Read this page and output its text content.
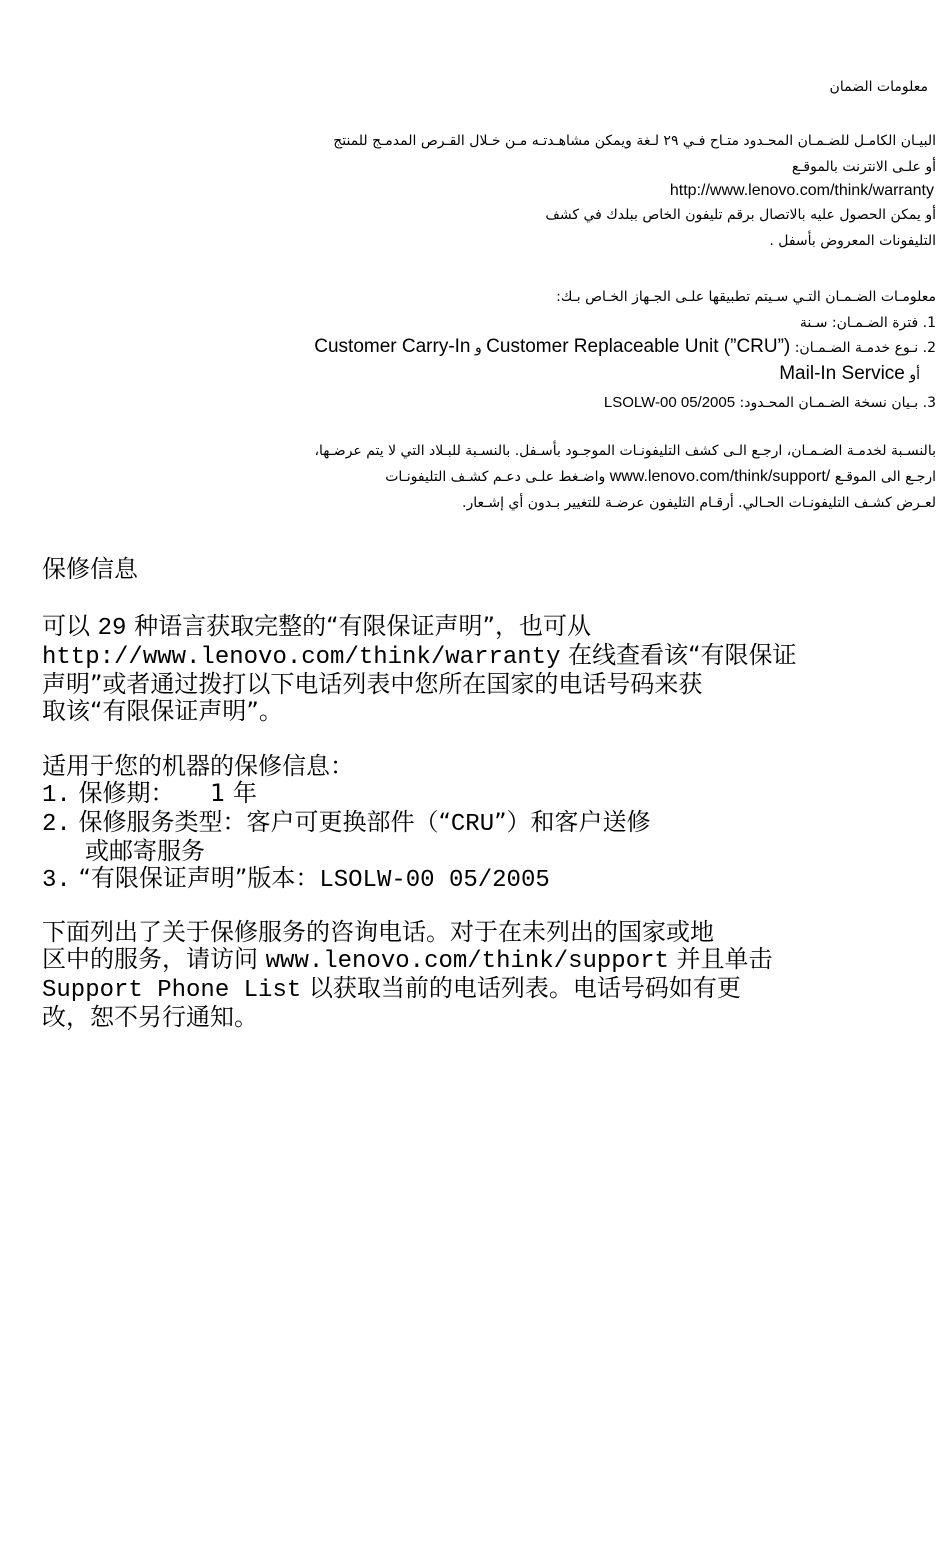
معلومات الضمان
البيـان الكامـل للضـمـان المحـدود متـاح فـي ٢٩ لـغة ويمكن مشاهـدتـه مـن خـلال القـرص المدمـج للمنتج
أو علـى الانترنت بالموقـع
http://www.lenovo.com/think/warranty
أو يمكن الحصول عليه بالاتصال برقم تليفون الخاص ببلدك في كشف
التليفونات المعروض بأسفل .
معلومـات الضـمـان التـي سـيتم تطبيقها علـى الجـهاز الخـاص بـك:
1. فترة الضـمـان: سـنة
2. نـوع خدمـة الضـمـان: Customer Replaceable Unit (”CRU”) و Customer Carry-In
أو Mail-In Service
3. بـيان نسخة الضـمـان المحـدود: LSOLW-00 05/2005
بالنسـبة لخدمـة الضـمـان، ارجـع الـى كشف التليفونـات الموجـود بأسـفل. بالنسـبة للبـلاد التي لا يتم عرضـها،
ارجـع الى الموقـع www.lenovo.com/think/support/ واضـغط علـى دعـم كشـف التليفونـات
لعـرض كشـف التليفونـات الحـالي. أرقـام التليفون عرضـة للتغيير بـدون أي إشـعار.
保修信息
可以 29 种语言获取完整的“有限保证声明”，也可从
http://www.lenovo.com/think/warranty 在线查看该“有限保证
声明”或者通过拨打以下电话列表中您所在国家的电话号码来获
取该“有限保证声明”。
适用于您的机器的保修信息：
1. 保修期： 1 年
2. 保修服务类型：客户可更换部件（“CRU”）和客户送修
或邮寄服务
3. “有限保证声明”版本：LSOLW-00 05/2005
下面列出了关于保修服务的咨询电话。对于在未列出的国家或地
区中的服务，请访问 www.lenovo.com/think/support 并且单击
Support Phone List 以获取当前的电话列表。电话号码如有更
改，恕不另行通知。
